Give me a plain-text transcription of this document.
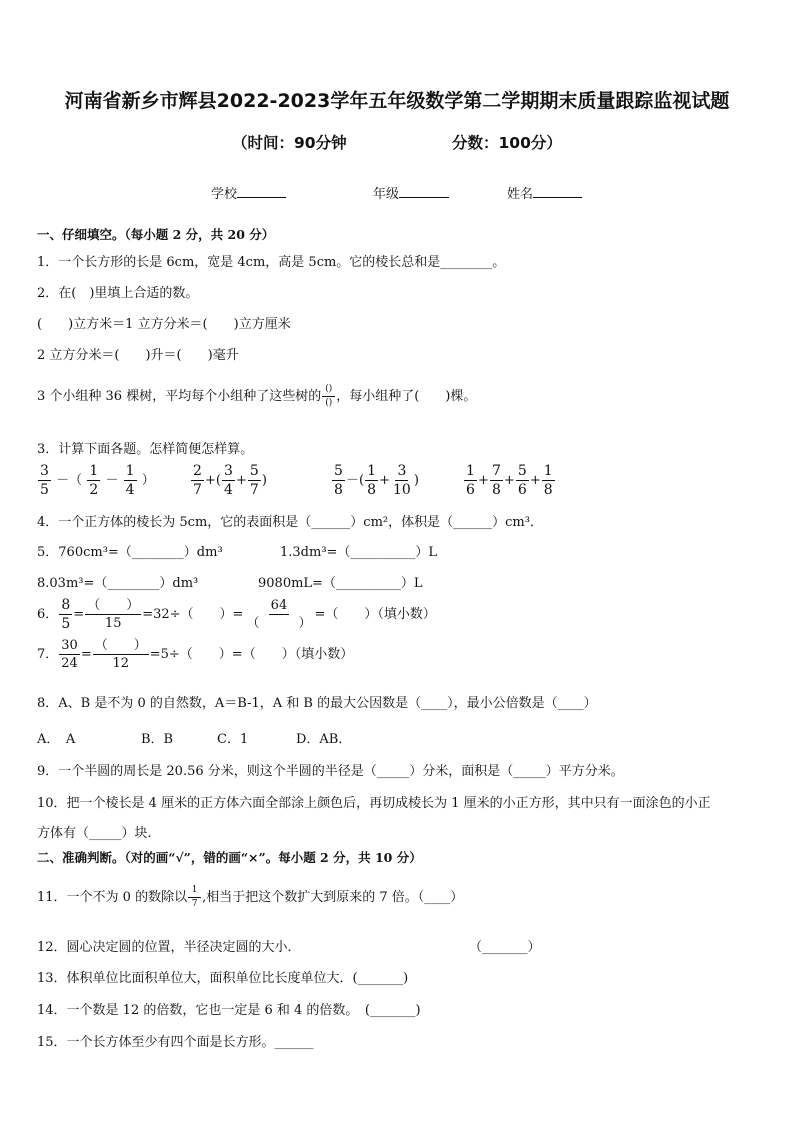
河南省新乡市辉县2022-2023学年五年级数学第二学期期末质量跟踪监视试题
（时间：90分钟	分数：100分）
学校	年级	姓名
一、仔细填空。（每小题 2 分，共 20 分）
1．一个长方形的长是 6cm，宽是 4cm，高是 5cm。它的棱长总和是________。
2．在(　)里填上合适的数。
(　　)立方米＝1 立方分米＝(　　)立方厘米
2 立方分米＝(　　)升＝(　　)毫升
3 个小组种 36 棵树，平均每个小组种了这些树的 $\frac{()}{()}$ ，每小组种了(　　)棵。
3．计算下面各题。怎样简便怎样算。
$\frac{3}{5}$ －（ $\frac{1}{2} - \frac{1}{4}$ ）	$\frac{2}{7}$ +( $\frac{3}{4} + \frac{5}{7}$ )	$\frac{5}{8}$ －( $\frac{1}{8} + \frac{3}{10}$ )	$\frac{1}{6} + \frac{7}{8} + \frac{5}{6} + \frac{1}{8}$
4．一个正方体的棱长为 5cm，它的表面积是（______）cm²，体积是（______）cm³．
5．760cm³=（________）dm³	1.3dm³=（__________）L
8.03m³=（________）dm³	9080mL=（__________）L
6． $\frac{8}{5} = \frac{( )}{15} =32\div$（　　）= $\frac{64}{( )}$ =（　　）（填小数）
7． $\frac{30}{24} = \frac{( )}{12} =5\div$（　　）=（　　）（填小数）
8．A、B 是不为 0 的自然数，A＝B-1，A 和 B 的最大公因数是（____），最小公倍数是（____）
A．　A	B．B	C．1	D．AB．
9．一个半圆的周长是 20.56 分米，则这个半圆的半径是（_____）分米，面积是（_____）平方分米。
10．把一个棱长是 4 厘米的正方体六面全部涂上颜色后，再切成棱长为 1 厘米的小正方形，其中只有一面涂色的小正
方体有（_____）块.
二、准确判断。（对的画“√”，错的画“×”。每小题 2 分，共 10 分）
11．一个不为 0 的数除以 $\frac{1}{7}$ ,相当于把这个数扩大到原来的 7 倍。（____）
12．圆心决定圆的位置，半径决定圆的大小．	（_______）
13．体积单位比面积单位大，面积单位比长度单位大．(_______)
14．一个数是 12 的倍数，它也一定是 6 和 4 的倍数。　(_______)
15．一个长方体至少有四个面是长方形。______
